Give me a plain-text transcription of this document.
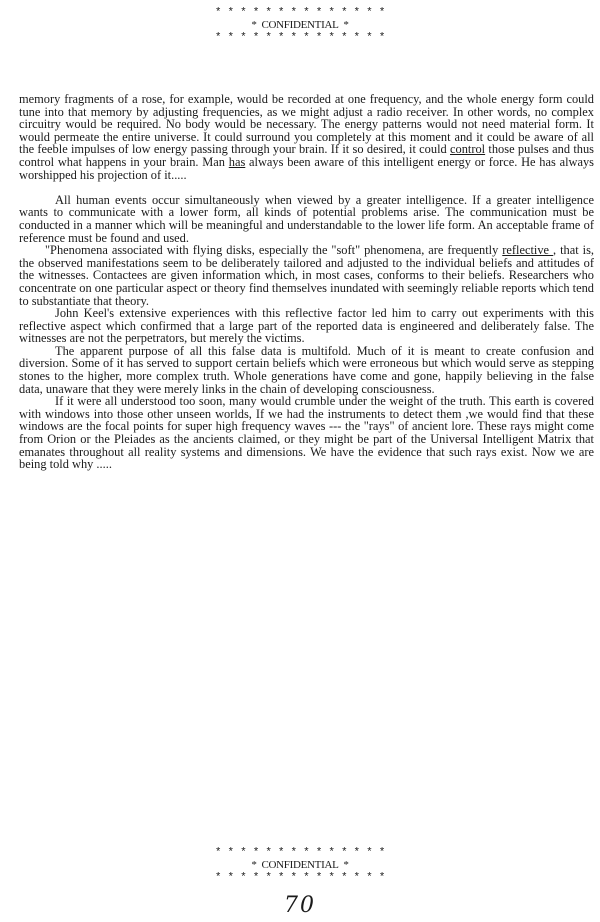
* * * * * * * * * * * * * *
*  CONFIDENTIAL  *
* * * * * * * * * * * * * *

memory fragments of a rose, for example, would be recorded at one frequency, and the whole energy form could tune into that memory by adjusting frequencies, as we might adjust a radio receiver. In other words, no complex circuitry would be required. No body would be necessary. The energy patterns would not need material form. It would permeate the entire universe. It could surround you completely at this moment and it could be aware of all the feeble impulses of low energy passing through your brain. If it so desired, it could control those pulses and thus control what happens in your brain. Man has always been aware of this intelligent energy or force. He has always worshipped his projection of it.....

All human events occur simultaneously when viewed by a greater intelligence. If a greater intelligence wants to communicate with a lower form, all kinds of potential problems arise. The communication must be conducted in a manner which will be meaningful and understandable to the lower life form. An acceptable frame of reference must be found and used.

"Phenomena associated with flying disks, especially the "soft" phenomena, are frequently reflective , that is, the observed manifestations seem to be deliberately tailored and adjusted to the individual beliefs and attitudes of the witnesses. Contactees are given information which, in most cases, conforms to their beliefs. Researchers who concentrate on one particular aspect or theory find themselves inundated with seemingly reliable reports which tend to substantiate that theory.

John Keel's extensive experiences with this reflective factor led him to carry out experiments with this reflective aspect which confirmed that a large part of the reported data is engineered and deliberately false. The witnesses are not the perpetrators, but merely the victims.

The apparent purpose of all this false data is multifold. Much of it is meant to create confusion and diversion. Some of it has served to support certain beliefs which were erroneous but which would serve as stepping stones to the higher, more complex truth. Whole generations have come and gone, happily believing in the false data, unaware that they were merely links in the chain of developing consciousness.

If it were all understood too soon, many would crumble under the weight of the truth. This earth is covered with windows into those other unseen worlds, If we had the instruments to detect them ,we would find that these windows are the focal points for super high frequency waves --- the "rays" of ancient lore. These rays might come from Orion or the Pleiades as the ancients claimed, or they might be part of the Universal Intelligent Matrix that emanates throughout all reality systems and dimensions. We have the evidence that such rays exist. Now we are being told why .....

* * * * * * * * * * * * * *
*  CONFIDENTIAL  *
* * * * * * * * * * * * * *
70
